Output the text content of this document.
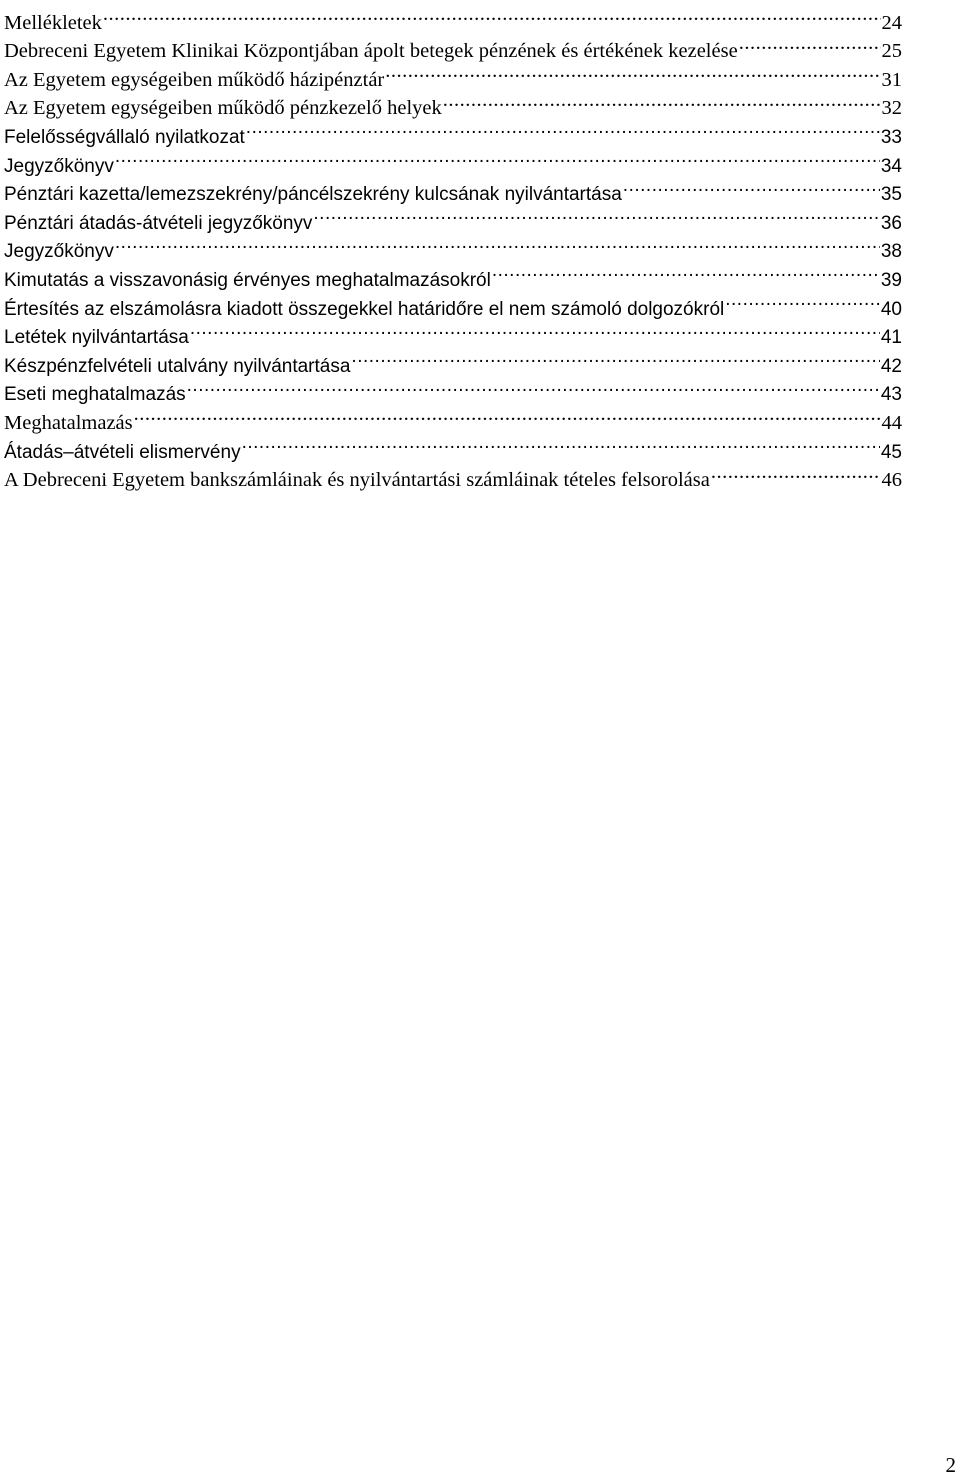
Mellékletek .....	24
Debreceni Egyetem Klinikai Központjában ápolt betegek pénzének és értékének kezelése .....	25
Az Egyetem egységeiben működő házipénztár .....	31
Az Egyetem egységeiben működő pénzkezelő helyek .....	32
Felelősségvállaló nyilatkozat .....	33
Jegyzőkönyv .....	34
Pénztári kazetta/lemezszekrény/páncélszekrény kulcsának nyilvántartása .....	35
Pénztári átadás-átvételi jegyzőkönyv .....	36
Jegyzőkönyv .....	38
Kimutatás a visszavonásig érvényes meghatalmazásokról .....	39
Értesítés az elszámolásra kiadott összegekkel határidőre el nem számoló dolgozókról .....	40
Letétek nyilvántartása .....	41
Készpénzfelvételi utalvány nyilvántartása .....	42
Eseti meghatalmazás .....	43
Meghatalmazás .....	44
Átadás–átvételi elismervény .....	45
A Debreceni Egyetem bankszámláinak és nyilvántartási számláinak tételes felsorolása .....	46
2
